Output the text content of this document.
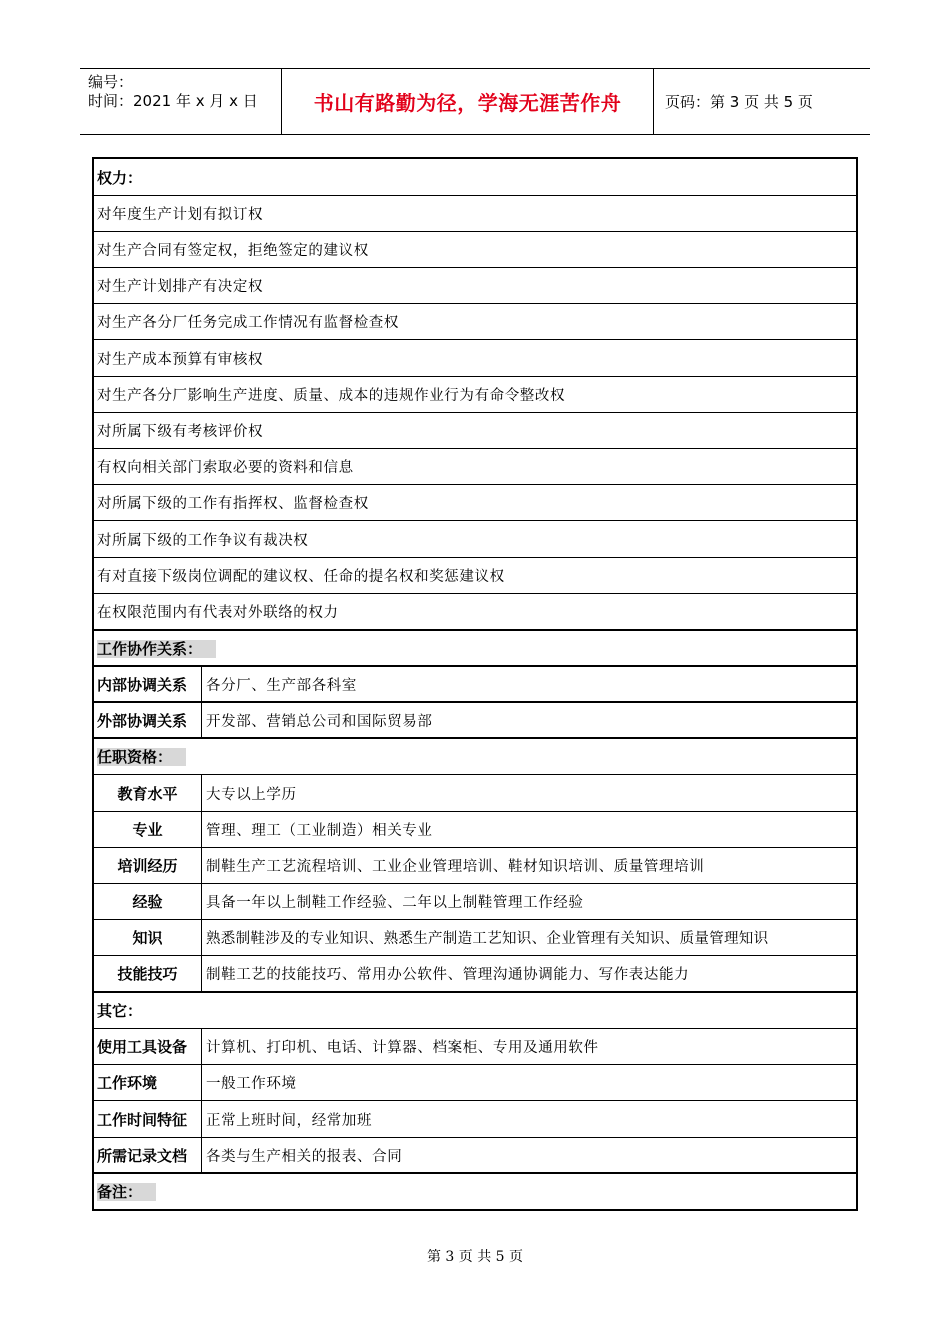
编号：
时间：2021 年 x 月 x 日	书山有路勤为径，学海无涯苦作舟	页码：第 3 页 共 5 页
权力：
对年度生产计划有拟订权
对生产合同有签定权，拒绝签定的建议权
对生产计划排产有决定权
对生产各分厂任务完成工作情况有监督检查权
对生产成本预算有审核权
对生产各分厂影响生产进度、质量、成本的违规作业行为有命令整改权
对所属下级有考核评价权
有权向相关部门索取必要的资料和信息
对所属下级的工作有指挥权、监督检查权
对所属下级的工作争议有裁决权
有对直接下级岗位调配的建议权、任命的提名权和奖惩建议权
在权限范围内有代表对外联络的权力
工作协作关系：
内部协调关系	各分厂、生产部各科室
外部协调关系	开发部、营销总公司和国际贸易部
任职资格：
教育水平	大专以上学历
专业	管理、理工（工业制造）相关专业
培训经历	制鞋生产工艺流程培训、工业企业管理培训、鞋材知识培训、质量管理培训
经验	具备一年以上制鞋工作经验、二年以上制鞋管理工作经验
知识	熟悉制鞋涉及的专业知识、熟悉生产制造工艺知识、企业管理有关知识、质量管理知识
技能技巧	制鞋工艺的技能技巧、常用办公软件、管理沟通协调能力、写作表达能力
其它：
使用工具设备	计算机、打印机、电话、计算器、档案柜、专用及通用软件
工作环境	一般工作环境
工作时间特征	正常上班时间，经常加班
所需记录文档	各类与生产相关的报表、合同
备注：
第 3 页 共 5 页
